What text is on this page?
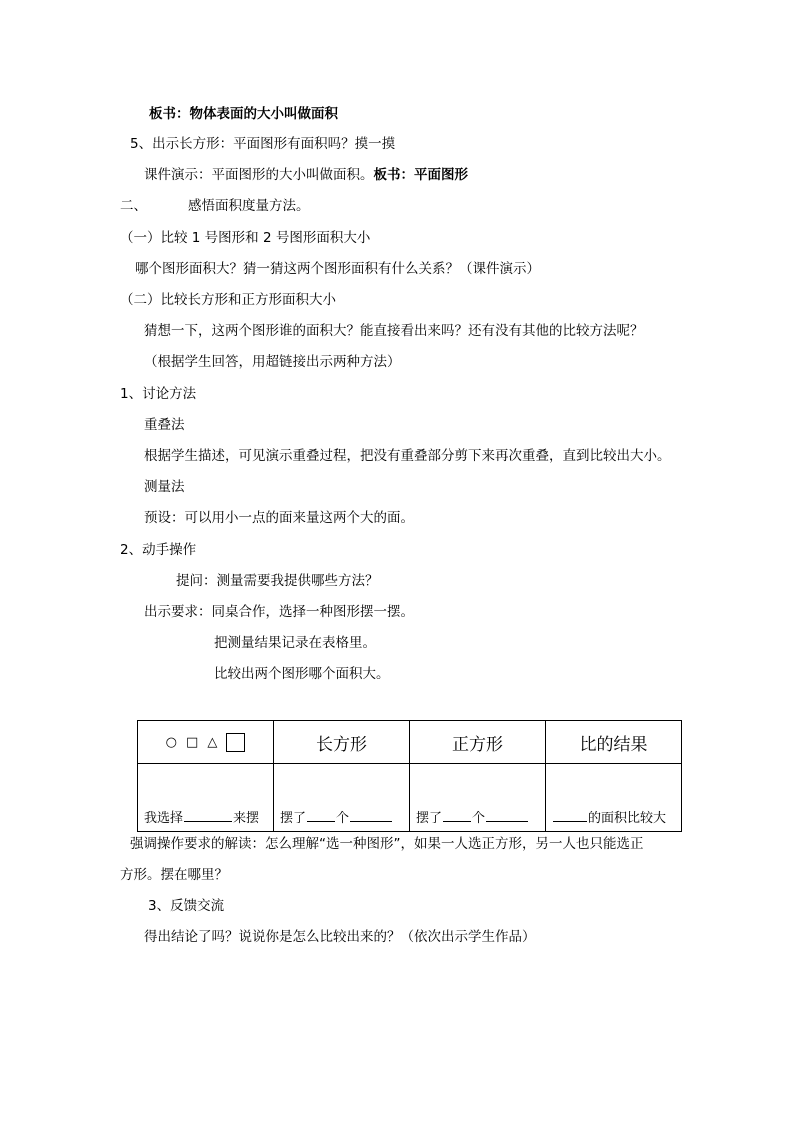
板书：物体表面的大小叫做面积
5、出示长方形：平面图形有面积吗？摸一摸
课件演示：平面图形的大小叫做面积。板书：平面图形
二、	感悟面积度量方法。
（一）比较 1 号图形和 2 号图形面积大小
哪个图形面积大？猜一猜这两个图形面积有什么关系？（课件演示）
（二）比较长方形和正方形面积大小
猜想一下，这两个图形谁的面积大？能直接看出来吗？还有没有其他的比较方法呢？
（根据学生回答，用超链接出示两种方法）
1、讨论方法
重叠法
根据学生描述，可见演示重叠过程，把没有重叠部分剪下来再次重叠，直到比较出大小。
测量法
预设：可以用小一点的面来量这两个大的面。
2、动手操作
提问：测量需要我提供哪些方法？
出示要求：同桌合作，选择一种图形摆一摆。
把测量结果记录在表格里。
比较出两个图形哪个面积大。
○ □ △	长方形	正方形	比的结果
我选择 来摆	摆了 个	摆了 个	的面积比较大
强调操作要求的解读：怎么理解“选一种图形”，如果一人选正方形，另一人也只能选正
方形。摆在哪里？
3、反馈交流
得出结论了吗？说说你是怎么比较出来的？（依次出示学生作品）
